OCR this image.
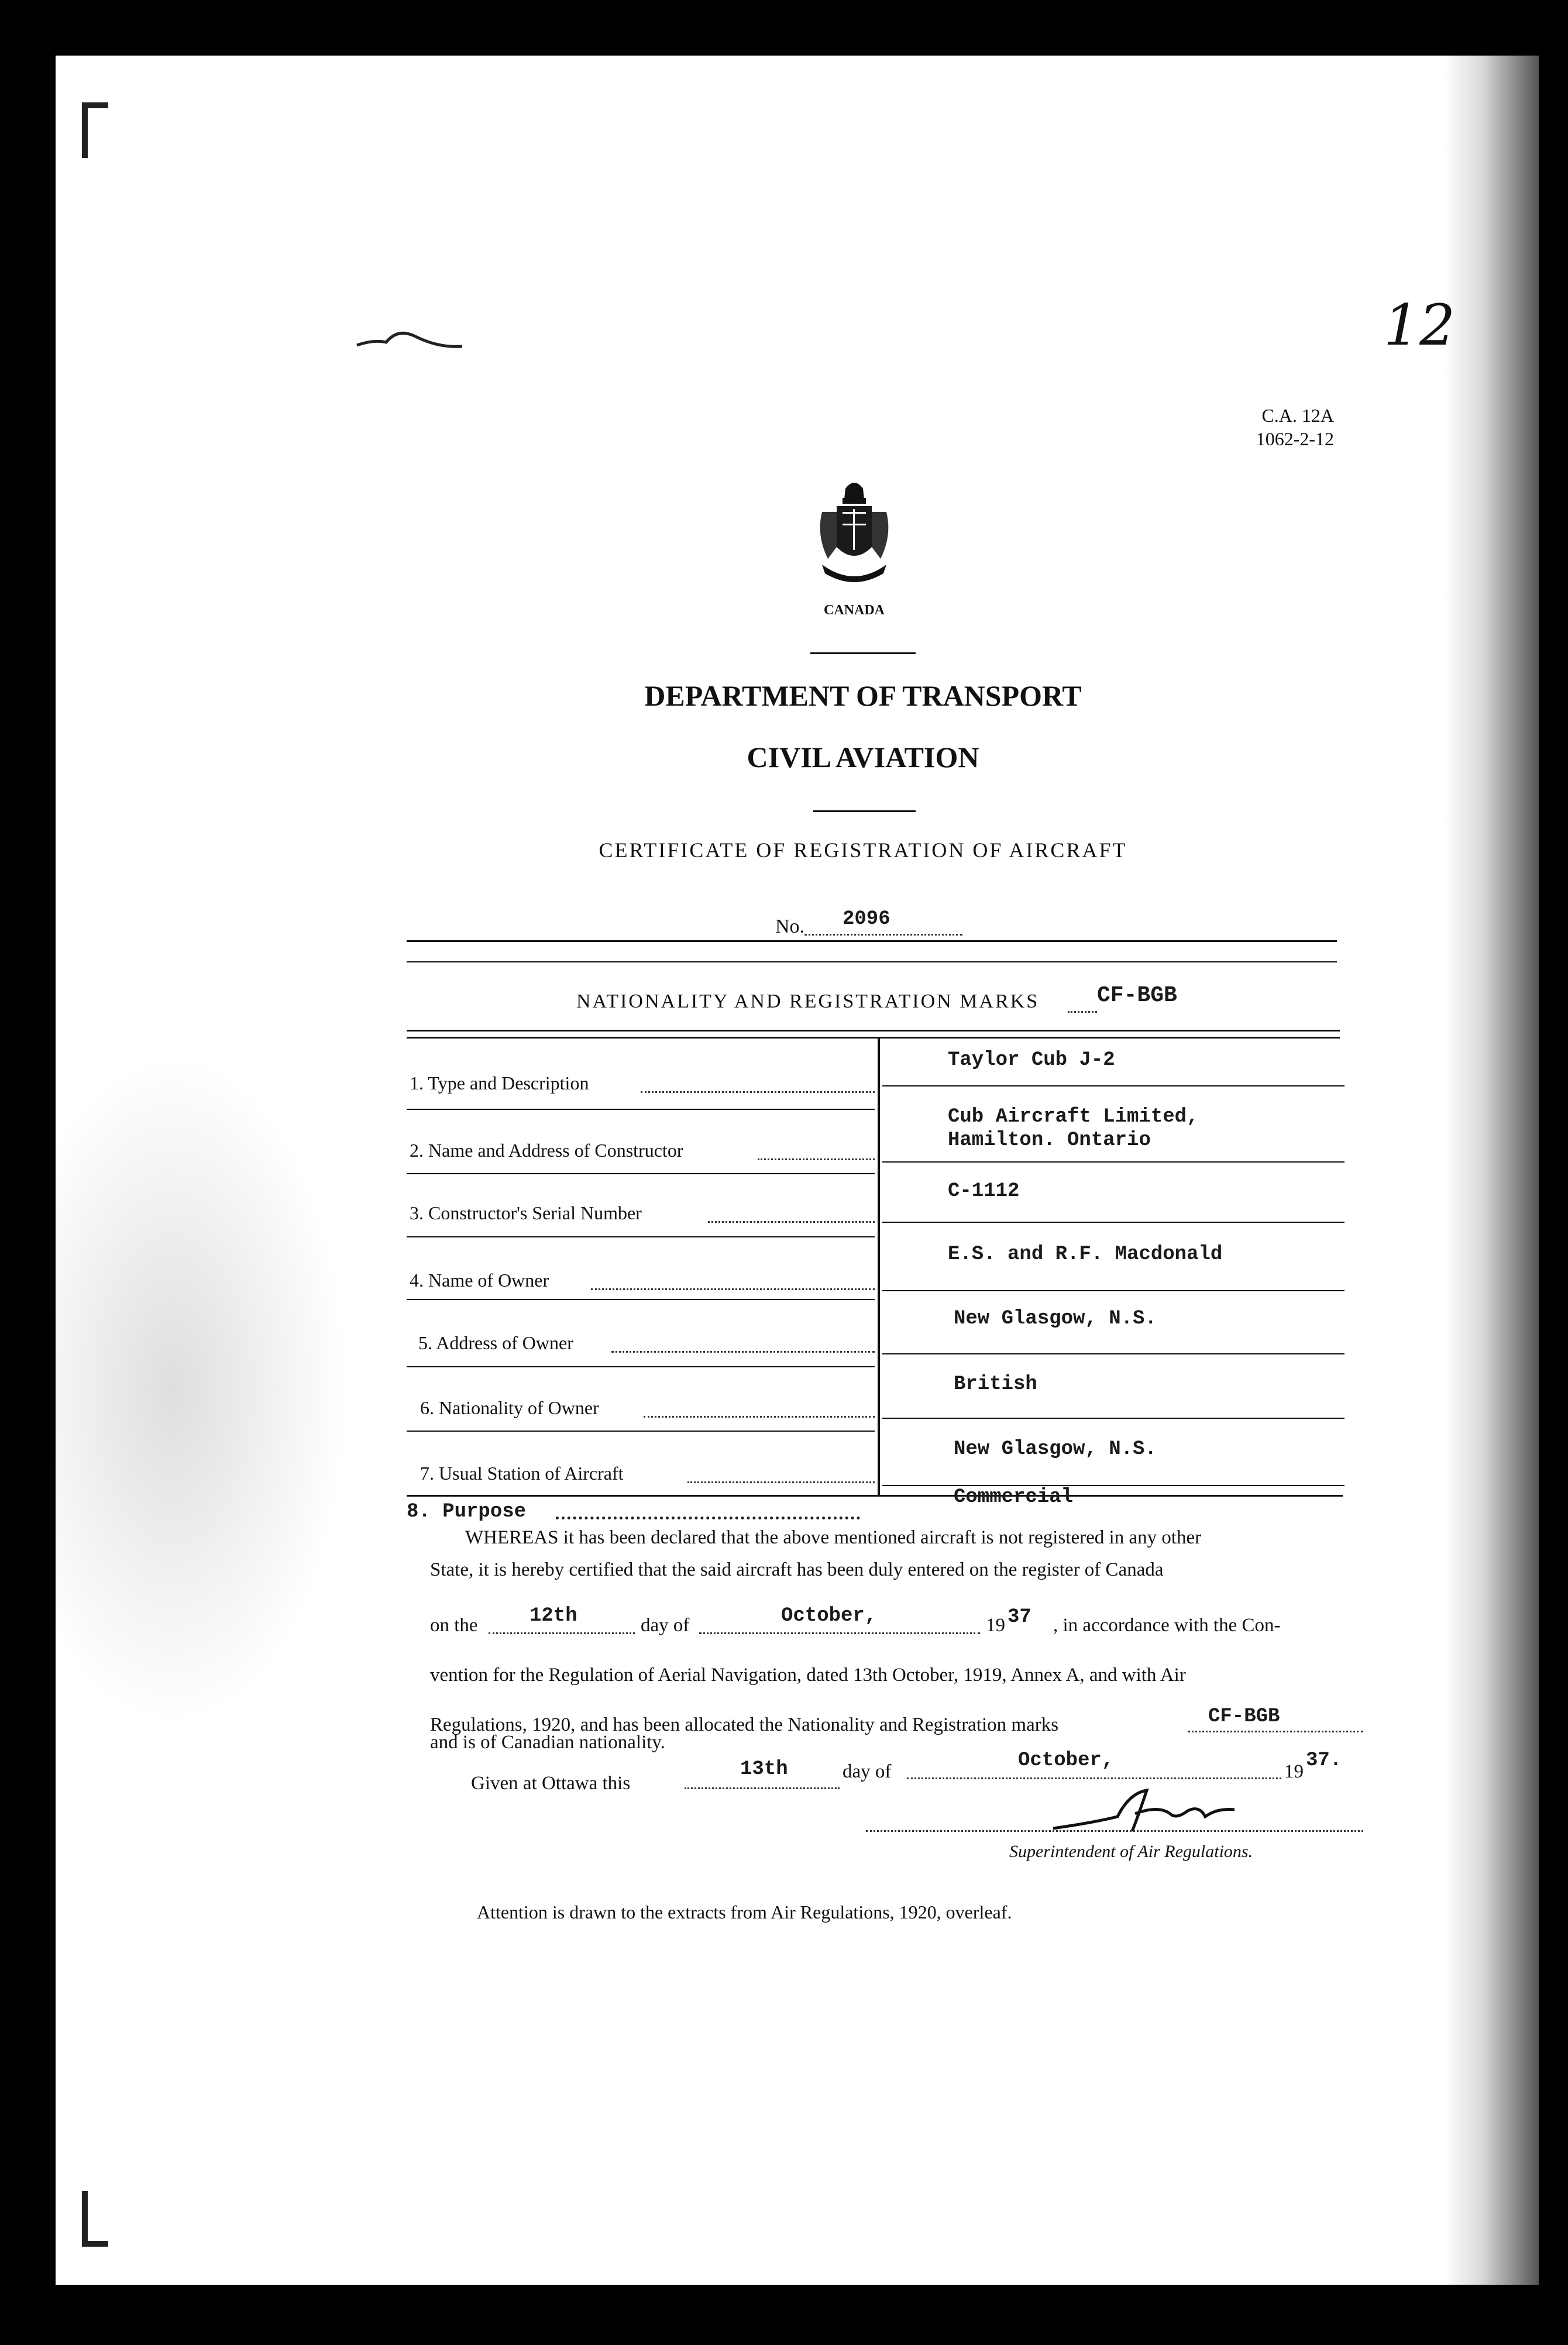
12
C.A. 12A
1062-2-12
CANADA
DEPARTMENT OF TRANSPORT
CIVIL AVIATION
CERTIFICATE OF REGISTRATION OF AIRCRAFT
No. 2096
NATIONALITY AND REGISTRATION MARKS	CF-BGB
1. Type and Description
Taylor Cub J-2
2. Name and Address of Constructor
Cub Aircraft Limited,
Hamilton. Ontario
3. Constructor's Serial Number
C-1112
4. Name of Owner
E.S. and R.F. Macdonald
5. Address of Owner
New Glasgow, N.S.
6. Nationality of Owner
British
7. Usual Station of Aircraft
New Glasgow, N.S.
8. Purpose
Commercial
WHEREAS it has been declared that the above mentioned aircraft is not registered in any other
State, it is hereby certified that the said aircraft has been duly entered on the register of Canada
on the	12th	day of	October,	19 37 , in accordance with the Con-
vention for the Regulation of Aerial Navigation, dated 13th October, 1919, Annex A, and with Air
Regulations, 1920, and has been allocated the Nationality and Registration marks	CF-BGB
and is of Canadian nationality.
Given at Ottawa this
13th	day of	October,	19 37.
Superintendent of Air Regulations.
Attention is drawn to the extracts from Air Regulations, 1920, overleaf.
